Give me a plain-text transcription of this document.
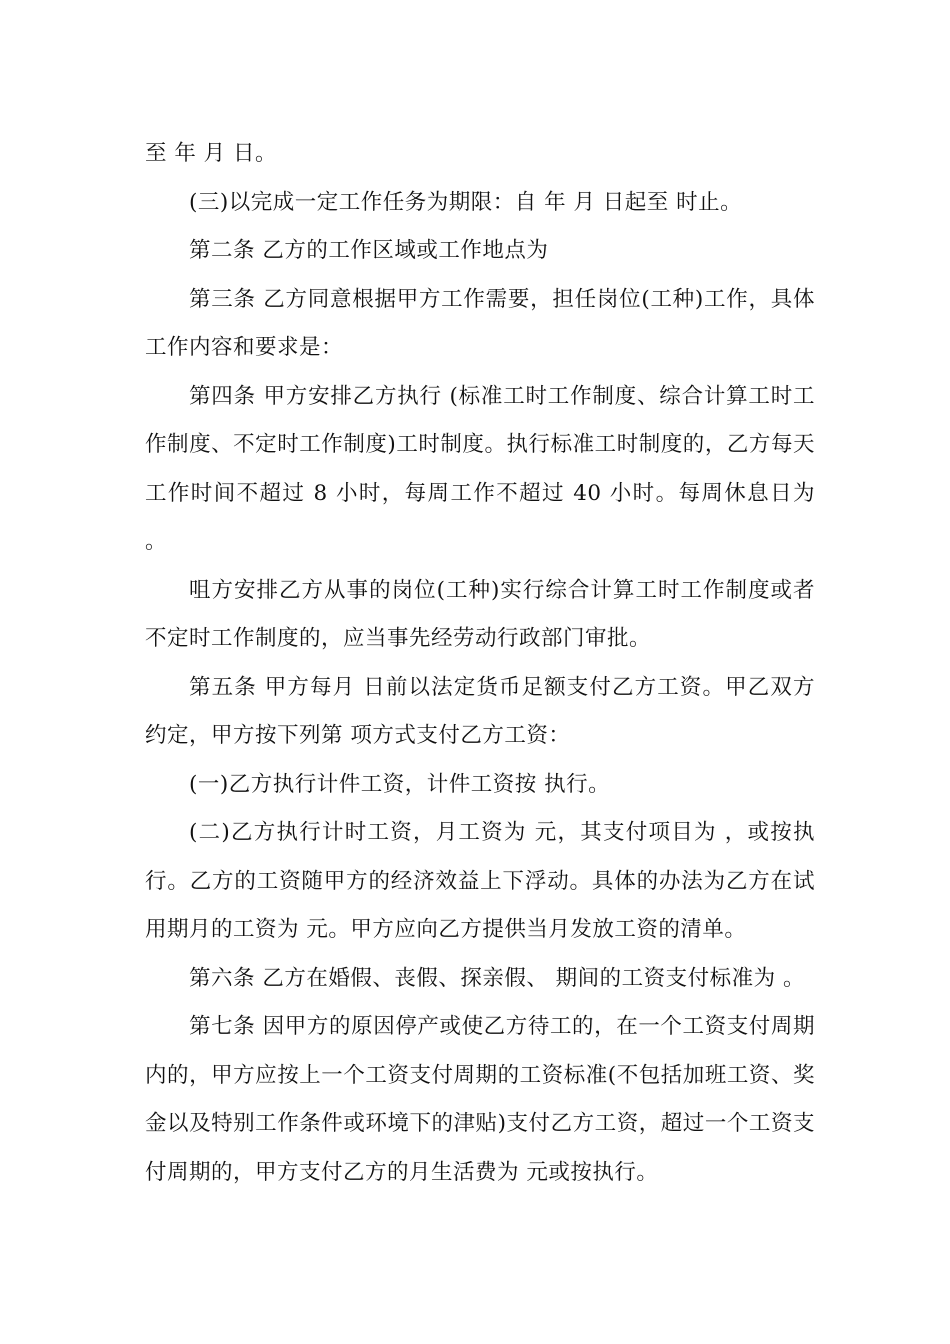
至 年 月 日。

(三)以完成一定工作任务为期限：自 年 月 日起至 时止。

第二条 乙方的工作区域或工作地点为

第三条 乙方同意根据甲方工作需要，担任岗位(工种)工作，具体工作内容和要求是：

第四条 甲方安排乙方执行 (标准工时工作制度、综合计算工时工作制度、不定时工作制度)工时制度。执行标准工时制度的，乙方每天工作时间不超过 8 小时，每周工作不超过 40 小时。每周休息日为 。

咀方安排乙方从事的岗位(工种)实行综合计算工时工作制度或者不定时工作制度的，应当事先经劳动行政部门审批。

第五条 甲方每月 日前以法定货币足额支付乙方工资。甲乙双方约定，甲方按下列第 项方式支付乙方工资：

(一)乙方执行计件工资，计件工资按 执行。

(二)乙方执行计时工资，月工资为 元，其支付项目为 ，或按执行。乙方的工资随甲方的经济效益上下浮动。具体的办法为乙方在试用期月的工资为 元。甲方应向乙方提供当月发放工资的清单。

第六条 乙方在婚假、丧假、探亲假、 期间的工资支付标准为 。

第七条 因甲方的原因停产或使乙方待工的，在一个工资支付周期内的，甲方应按上一个工资支付周期的工资标准(不包括加班工资、奖金以及特别工作条件或环境下的津贴)支付乙方工资，超过一个工资支付周期的，甲方支付乙方的月生活费为 元或按执行。
